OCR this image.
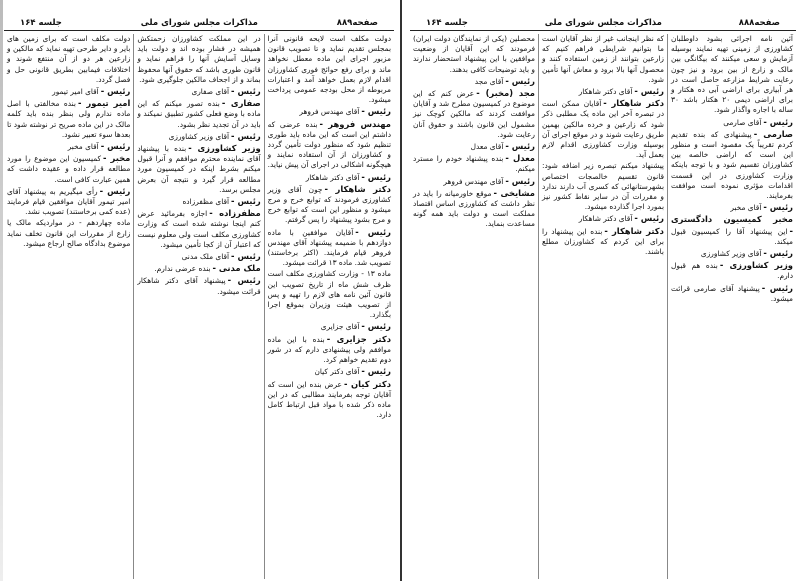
صفحه۸۸۹
مذاکرات مجلس شورای ملی
جلسه ۱۶۴

دولت مکلف است لایحه قانونی آنرا بمجلس تقدیم نماید و تا تصویب قانون مزبور اجرای این ماده معطل نخواهد ماند و برای رفع حوائج فوری کشاورزان اقدام لازم بعمل خواهد آمد و اعتبارات مربوطه از محل بودجه عمومی پرداخت میشود.

رئیس -آقای مهندس فروهر

مهندس فروهر -بنده عرضی که داشتم این است که این ماده باید طوری تنظیم شود که منظور دولت تأمین گردد و کشاورزان از آن استفاده نمایند و هیچگونه اشکالی در اجرای آن پیش نیاید.

رئیس -آقای دکتر شاهکار

دکتر شاهکار -چون آقای وزیر کشاورزی فرمودند که توابع خرج و مرج میشود و منظور این است که توابع خرج و مرج بشود پیشنهاد را پس گرفتم.

رئیس -آقایان موافقین با ماده دوازدهم با ضمیمه پیشنهاد آقای مهندس فروهر قیام فرمایند. (اکثر برخاستند) تصویب شد. ماده ۱۳ قرائت میشود.

ماده ۱۳ - وزارت کشاورزی مکلف است ظرف شش ماه از تاریخ تصویب این قانون آئین نامه های لازم را تهیه و پس از تصویب هیئت وزیران بموقع اجرا بگذارد.

رئیس -آقای جزایری

دکتر جزایری -بنده با این ماده موافقم ولی پیشنهادی دارم که در شور دوم تقدیم خواهم کرد.

رئیس -آقای دکتر کیان

دکتر کیان -عرض بنده این است که آقایان توجه بفرمایند مطالبی که در این ماده ذکر شده با مواد قبل ارتباط کامل دارد.

در این مملکت کشاورزان زحمتکش همیشه در فشار بوده اند و دولت باید وسایل آسایش آنها را فراهم نماید و قانون طوری باشد که حقوق آنها محفوظ بماند و از اجحاف مالکین جلوگیری شود.

رئیس -آقای صفاری

صفاری -بنده تصور میکنم که این ماده با وضع فعلی کشور تطبیق نمیکند و باید در آن تجدید نظر بشود.

رئیس -آقای وزیر کشاورزی

وزیر کشاورزی -بنده با پیشنهاد آقای نماینده محترم موافقم و آنرا قبول میکنم بشرط اینکه در کمیسیون مورد مطالعه قرار گیرد و نتیجه آن بعرض مجلس برسد.

رئیس -آقای مظفرزاده

مظفرزاده -اجازه بفرمائید عرض کنم اینجا نوشته شده است که وزارت کشاورزی مکلف است ولی معلوم نیست که اعتبار آن از کجا تأمین میشود.

رئیس -آقای ملک مدنی

ملک مدنی -بنده عرضی ندارم.

رئیس -پیشنهاد آقای دکتر شاهکار قرائت میشود.

دولت مکلف است که برای زمین های بایر و دایر طرحی تهیه نماید که مالکین و زارعین هر دو از آن منتفع شوند و اختلافات فیمابین بطریق قانونی حل و فصل گردد.

رئیس -آقای امیر تیمور

امیر تیمور -بنده مخالفتی با اصل ماده ندارم ولی بنظر بنده باید کلمه مالک در این ماده صریح تر نوشته شود تا بعدها سوء تعبیر نشود.

رئیس -آقای مخبر

مخبر -کمیسیون این موضوع را مورد مطالعه قرار داده و عقیده داشت که همین عبارت کافی است.

رئیس -رأی میگیریم به پیشنهاد آقای امیر تیمور آقایان موافقین قیام فرمایند (عده کمی برخاستند) تصویب نشد.

ماده چهاردهم - در مواردیکه مالک یا زارع از مقررات این قانون تخلف نماید موضوع بدادگاه صالح ارجاع میشود.

صفحه۸۸۸
مذاکرات مجلس شورای ملی
جلسه ۱۶۴

آئین نامه اجرائی بشود داوطلبان کشاورزی از زمینی تهیه نمایند بوسیله آزمایش و سعی میکنند که بیگانگی بین مالک و زارع از بین برود و نیز چون رعایت شرایط مزارعه حاصل است در هر آبیاری برای اراضی آبی ده هکتار و برای اراضی دیمی ۲۰ هکتار باشد ۳۰ ساله با اجاره واگذار شود.

رئیس -آقای صارمی

صارمی -پیشنهادی که بنده تقدیم کردم تقریباً یک مقصود است و منظور این است که اراضی خالصه بین کشاورزان تقسیم شود و با توجه باینکه وزارت کشاورزی در این قسمت اقدامات مؤثری نموده است موافقت بفرمایند.

رئیس -آقای مخبر

مخبر کمیسیون دادگستری -این پیشنهاد آقا را کمیسیون قبول میکند.

رئیس -آقای وزیر کشاورزی

وزیر کشاورزی -بنده هم قبول دارم.

رئیس -پیشنهاد آقای صارمی قرائت میشود.

که نظر اینجانب غیر از نظر آقایان است ما بتوانیم شرایطی فراهم کنیم که زارعین بتوانند از زمین استفاده کنند و محصول آنها بالا برود و معاش آنها تأمین شود.

رئیس -آقای دکتر شاهکار

دکتر شاهکار -آقایان ممکن است در تبصره آخر این ماده یک مطلبی ذکر شود که زارعین و خرده مالکین بهمین طریق رعایت شوند و در موقع اجرای آن بوسیله وزارت کشاورزی اقدام لازم بعمل آید.

پیشنهاد میکنم تبصره زیر اضافه شود: قانون تقسیم خالصجات اختصاص بشهرستانهائی که کسری آب دارند ندارد و مقررات آن در سایر نقاط کشور نیز بمورد اجرا گذارده میشود.

رئیس -آقای دکتر شاهکار

دکتر شاهکار -بنده این پیشنهاد را برای این کردم که کشاورزان مطلع باشند.

محصلین (یکی از نمایندگان دولت ایران) فرمودند که این آقایان از وضعیت موافقین با این پیشنهاد استحضار ندارند و باید توضیحات کافی بدهند.

رئیس -آقای مجد

مجد (مخبر) -عرض کنم که این موضوع در کمیسیون مطرح شد و آقایان موافقت کردند که مالکین کوچک نیز مشمول این قانون باشند و حقوق آنان رعایت شود.

رئیس -آقای معدل

معدل -بنده پیشنهاد خودم را مسترد میکنم.

رئیس -آقای مهندس فروهر

مشایخی -موقع خاورمیانه را باید در نظر داشت که کشاورزی اساس اقتصاد مملکت است و دولت باید همه گونه مساعدت بنماید.
